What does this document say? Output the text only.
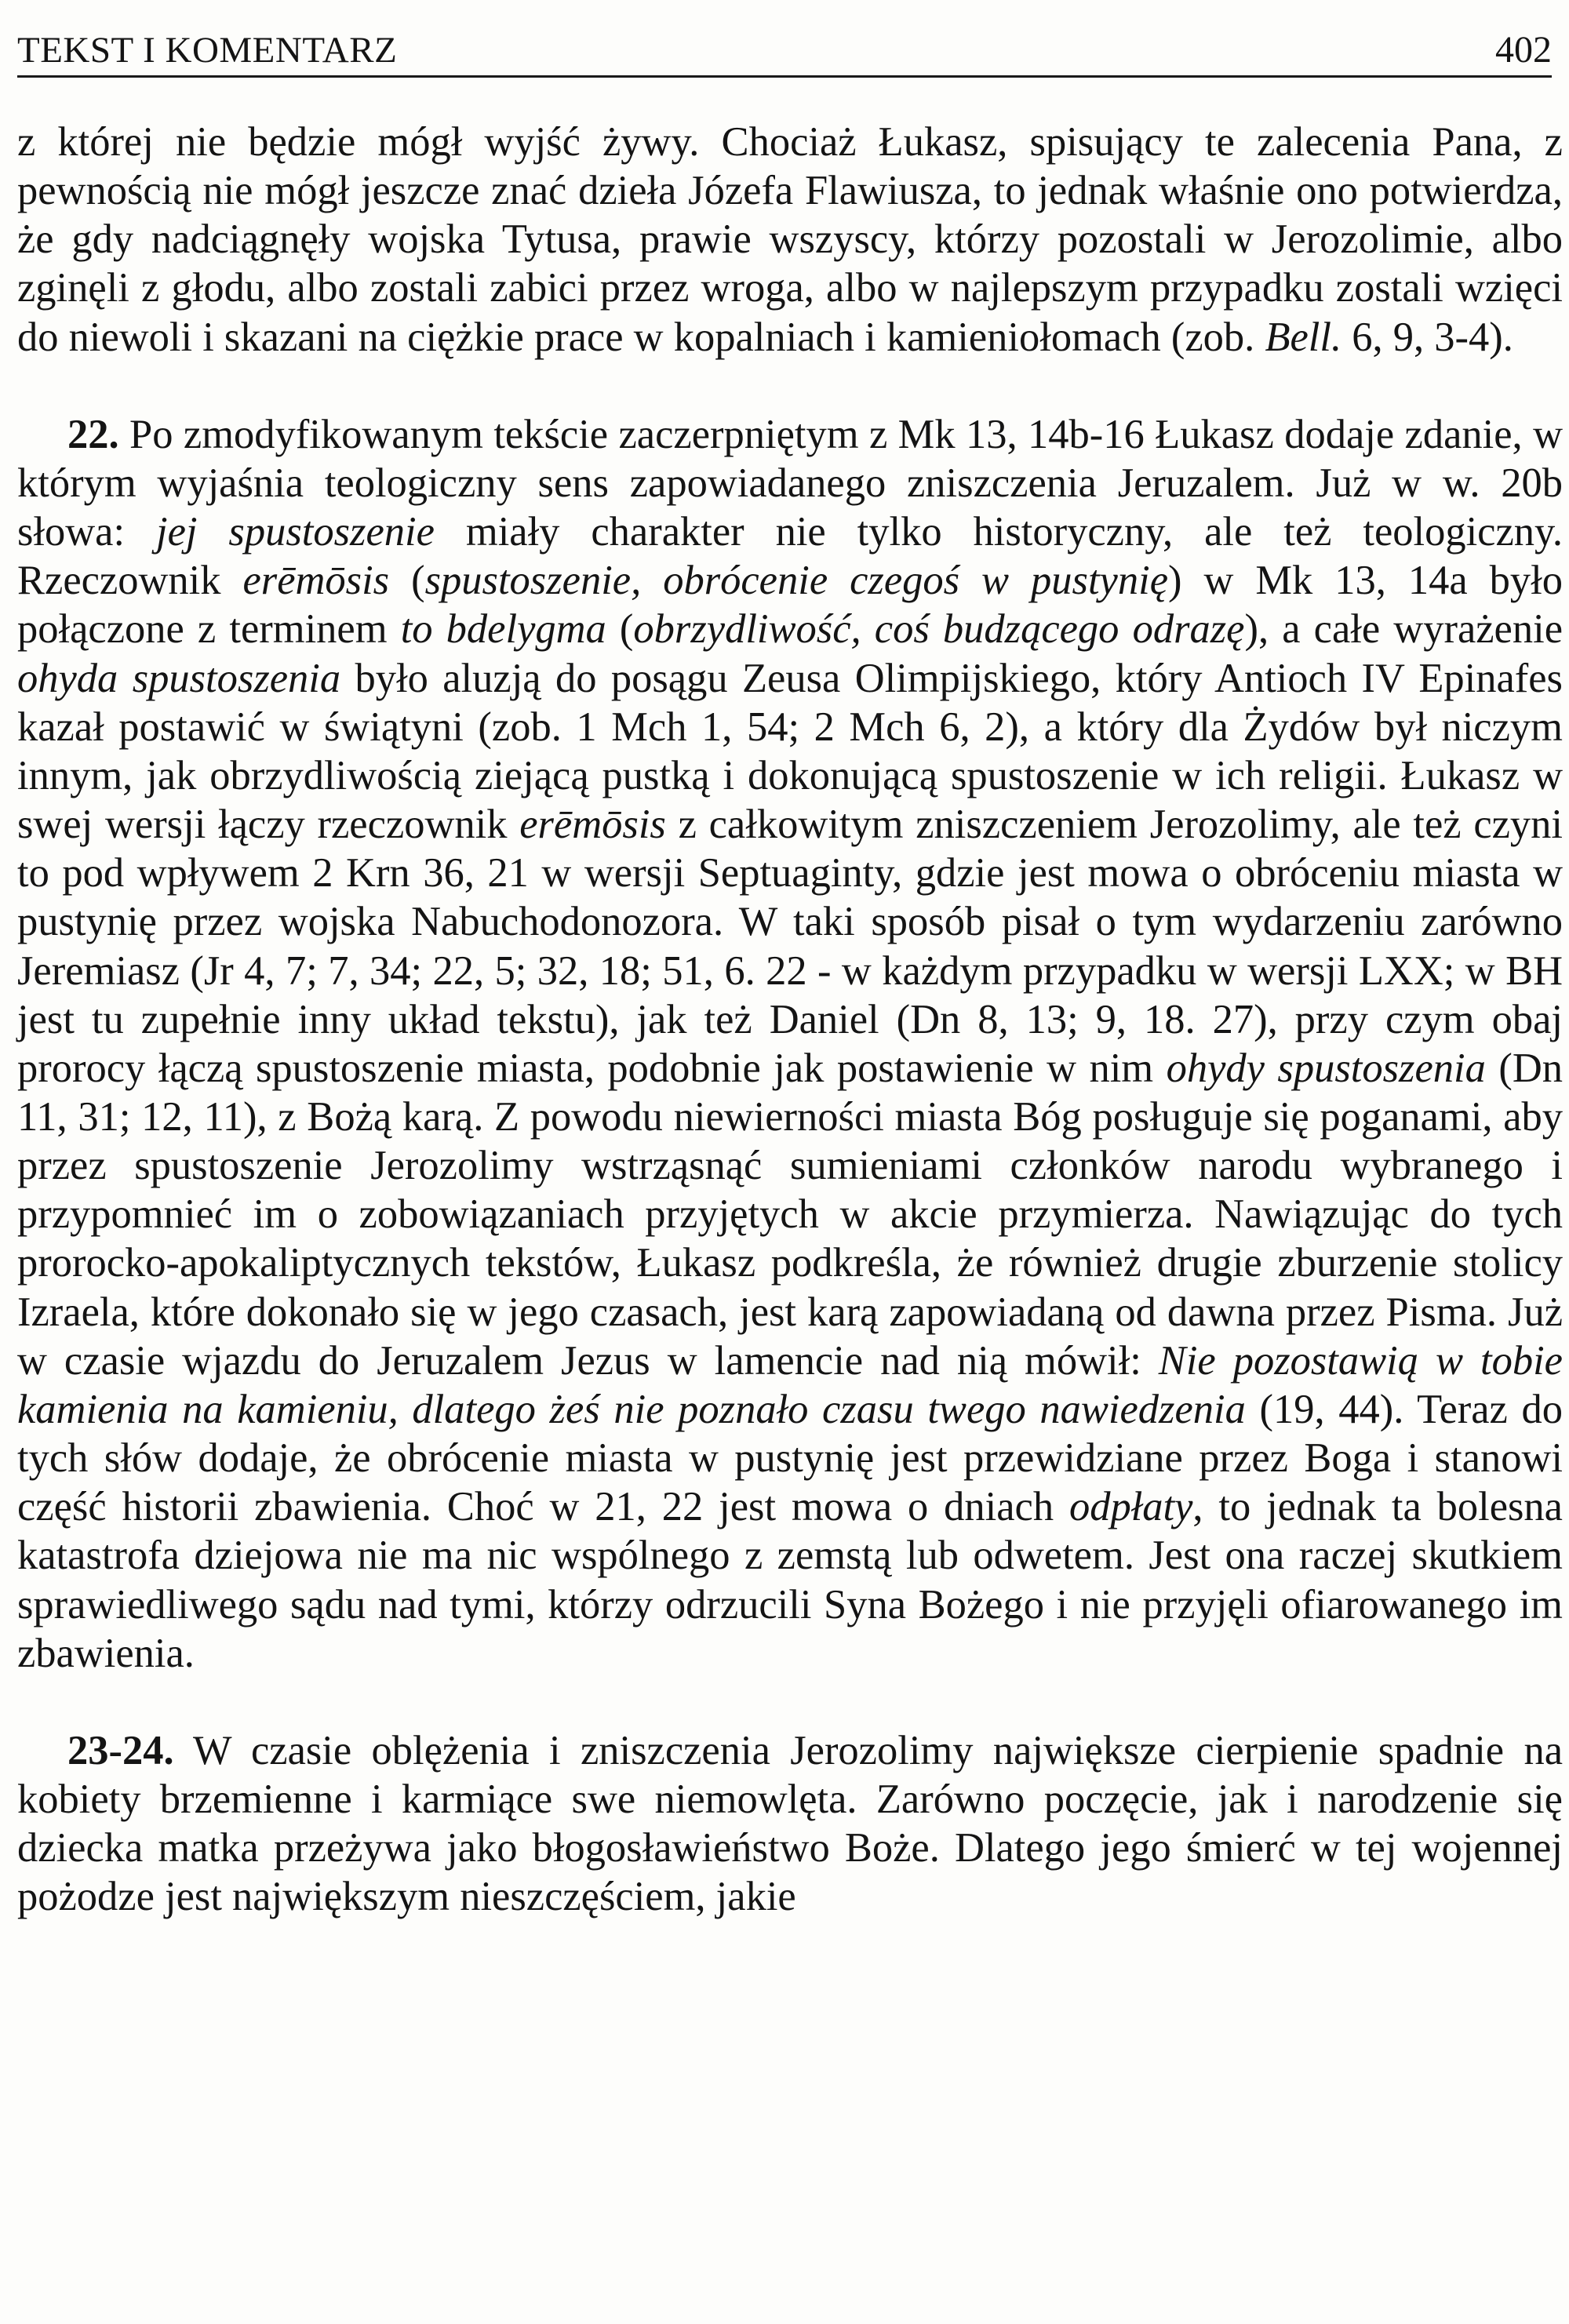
TEKST I KOMENTARZ	402

z której nie będzie mógł wyjść żywy. Chociaż Łukasz, spisujący te zalecenia Pana, z pewnością nie mógł jeszcze znać dzieła Józefa Flawiusza, to jednak właśnie ono potwierdza, że gdy nadciągnęły wojska Tytusa, prawie wszyscy, którzy pozostali w Jerozolimie, albo zginęli z głodu, albo zostali zabici przez wroga, albo w najlepszym przypadku zostali wzięci do niewoli i skazani na ciężkie prace w kopalniach i kamieniołomach (zob. Bell. 6, 9, 3-4).

22. Po zmodyfikowanym tekście zaczerpniętym z Mk 13, 14b-16 Łukasz dodaje zdanie, w którym wyjaśnia teologiczny sens zapowiadanego zniszczenia Jeruzalem. Już w w. 20b słowa: jej spustoszenie miały charakter nie tylko historyczny, ale też teologiczny. Rzeczownik erēmōsis (spustoszenie, obrócenie czegoś w pustynię) w Mk 13, 14a było połączone z terminem to bdelygma (obrzydliwość, coś budzącego odrazę), a całe wyrażenie ohyda spustoszenia było aluzją do posągu Zeusa Olimpijskiego, który Antioch IV Epinafes kazał postawić w świątyni (zob. 1 Mch 1, 54; 2 Mch 6, 2), a który dla Żydów był niczym innym, jak obrzydliwością ziejącą pustką i dokonującą spustoszenie w ich religii. Łukasz w swej wersji łączy rzeczownik erēmōsis z całkowitym zniszczeniem Jerozolimy, ale też czyni to pod wpływem 2 Krn 36, 21 w wersji Septuaginty, gdzie jest mowa o obróceniu miasta w pustynię przez wojska Nabuchodonozora. W taki sposób pisał o tym wydarzeniu zarówno Jeremiasz (Jr 4, 7; 7, 34; 22, 5; 32, 18; 51, 6. 22 - w każdym przypadku w wersji LXX; w BH jest tu zupełnie inny układ tekstu), jak też Daniel (Dn 8, 13; 9, 18. 27), przy czym obaj prorocy łączą spustoszenie miasta, podobnie jak postawienie w nim ohydy spustoszenia (Dn 11, 31; 12, 11), z Bożą karą. Z powodu niewierności miasta Bóg posługuje się poganami, aby przez spustoszenie Jerozolimy wstrząsnąć sumieniami członków narodu wybranego i przypomnieć im o zobowiązaniach przyjętych w akcie przymierza. Nawiązując do tych prorocko-apokaliptycznych tekstów, Łukasz podkreśla, że również drugie zburzenie stolicy Izraela, które dokonało się w jego czasach, jest karą zapowiadaną od dawna przez Pisma. Już w czasie wjazdu do Jeruzalem Jezus w lamencie nad nią mówił: Nie pozostawią w tobie kamienia na kamieniu, dlatego żeś nie poznało czasu twego nawiedzenia (19, 44). Teraz do tych słów dodaje, że obrócenie miasta w pustynię jest przewidziane przez Boga i stanowi część historii zbawienia. Choć w 21, 22 jest mowa o dniach odpłaty, to jednak ta bolesna katastrofa dziejowa nie ma nic wspólnego z zemstą lub odwetem. Jest ona raczej skutkiem sprawiedliwego sądu nad tymi, którzy odrzucili Syna Bożego i nie przyjęli ofiarowanego im zbawienia.

23-24. W czasie oblężenia i zniszczenia Jerozolimy największe cierpienie spadnie na kobiety brzemienne i karmiące swe niemowlęta. Zarówno poczęcie, jak i narodzenie się dziecka matka przeżywa jako błogosławieństwo Boże. Dlatego jego śmierć w tej wojennej pożodze jest największym nieszczęściem, jakie
